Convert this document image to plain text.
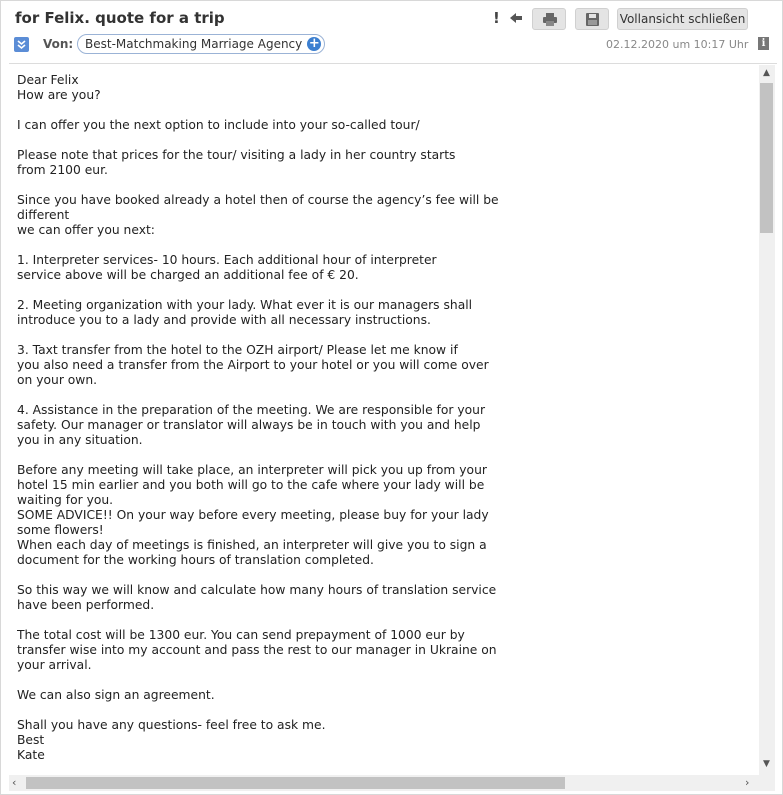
for Felix. quote for a trip	!	Vollansicht schließen
Von: Best-Matchmaking Marriage Agency +	02.12.2020 um 10:17 Uhr	i
Dear Felix
How are you?

I can offer you the next option to include into your so-called tour/

Please note that prices for the tour/ visiting a lady in her country starts
from 2100 eur.

Since you have booked already a hotel then of course the agency’s fee will be
different
we can offer you next:

1. Interpreter services- 10 hours. Each additional hour of interpreter
service above will be charged an additional fee of € 20.

2. Meeting organization with your lady. What ever it is our managers shall
introduce you to a lady and provide with all necessary instructions.

3. Taxt transfer from the hotel to the OZH airport/ Please let me know if
you also need a transfer from the Airport to your hotel or you will come over
on your own.

4. Assistance in the preparation of the meeting. We are responsible for your
safety. Our manager or translator will always be in touch with you and help
you in any situation.

Before any meeting will take place, an interpreter will pick you up from your
hotel 15 min earlier and you both will go to the cafe where your lady will be
waiting for you.
SOME ADVICE!! On your way before every meeting, please buy for your lady
some flowers!
When each day of meetings is finished, an interpreter will give you to sign a
document for the working hours of translation completed.

So this way we will know and calculate how many hours of translation service
have been performed.

The total cost will be 1300 eur. You can send prepayment of 1000 eur by
transfer wise into my account and pass the rest to our manager in Ukraine on
your arrival.

We can also sign an agreement.

Shall you have any questions- feel free to ask me.
Best
Kate
▲
▼
‹	›
